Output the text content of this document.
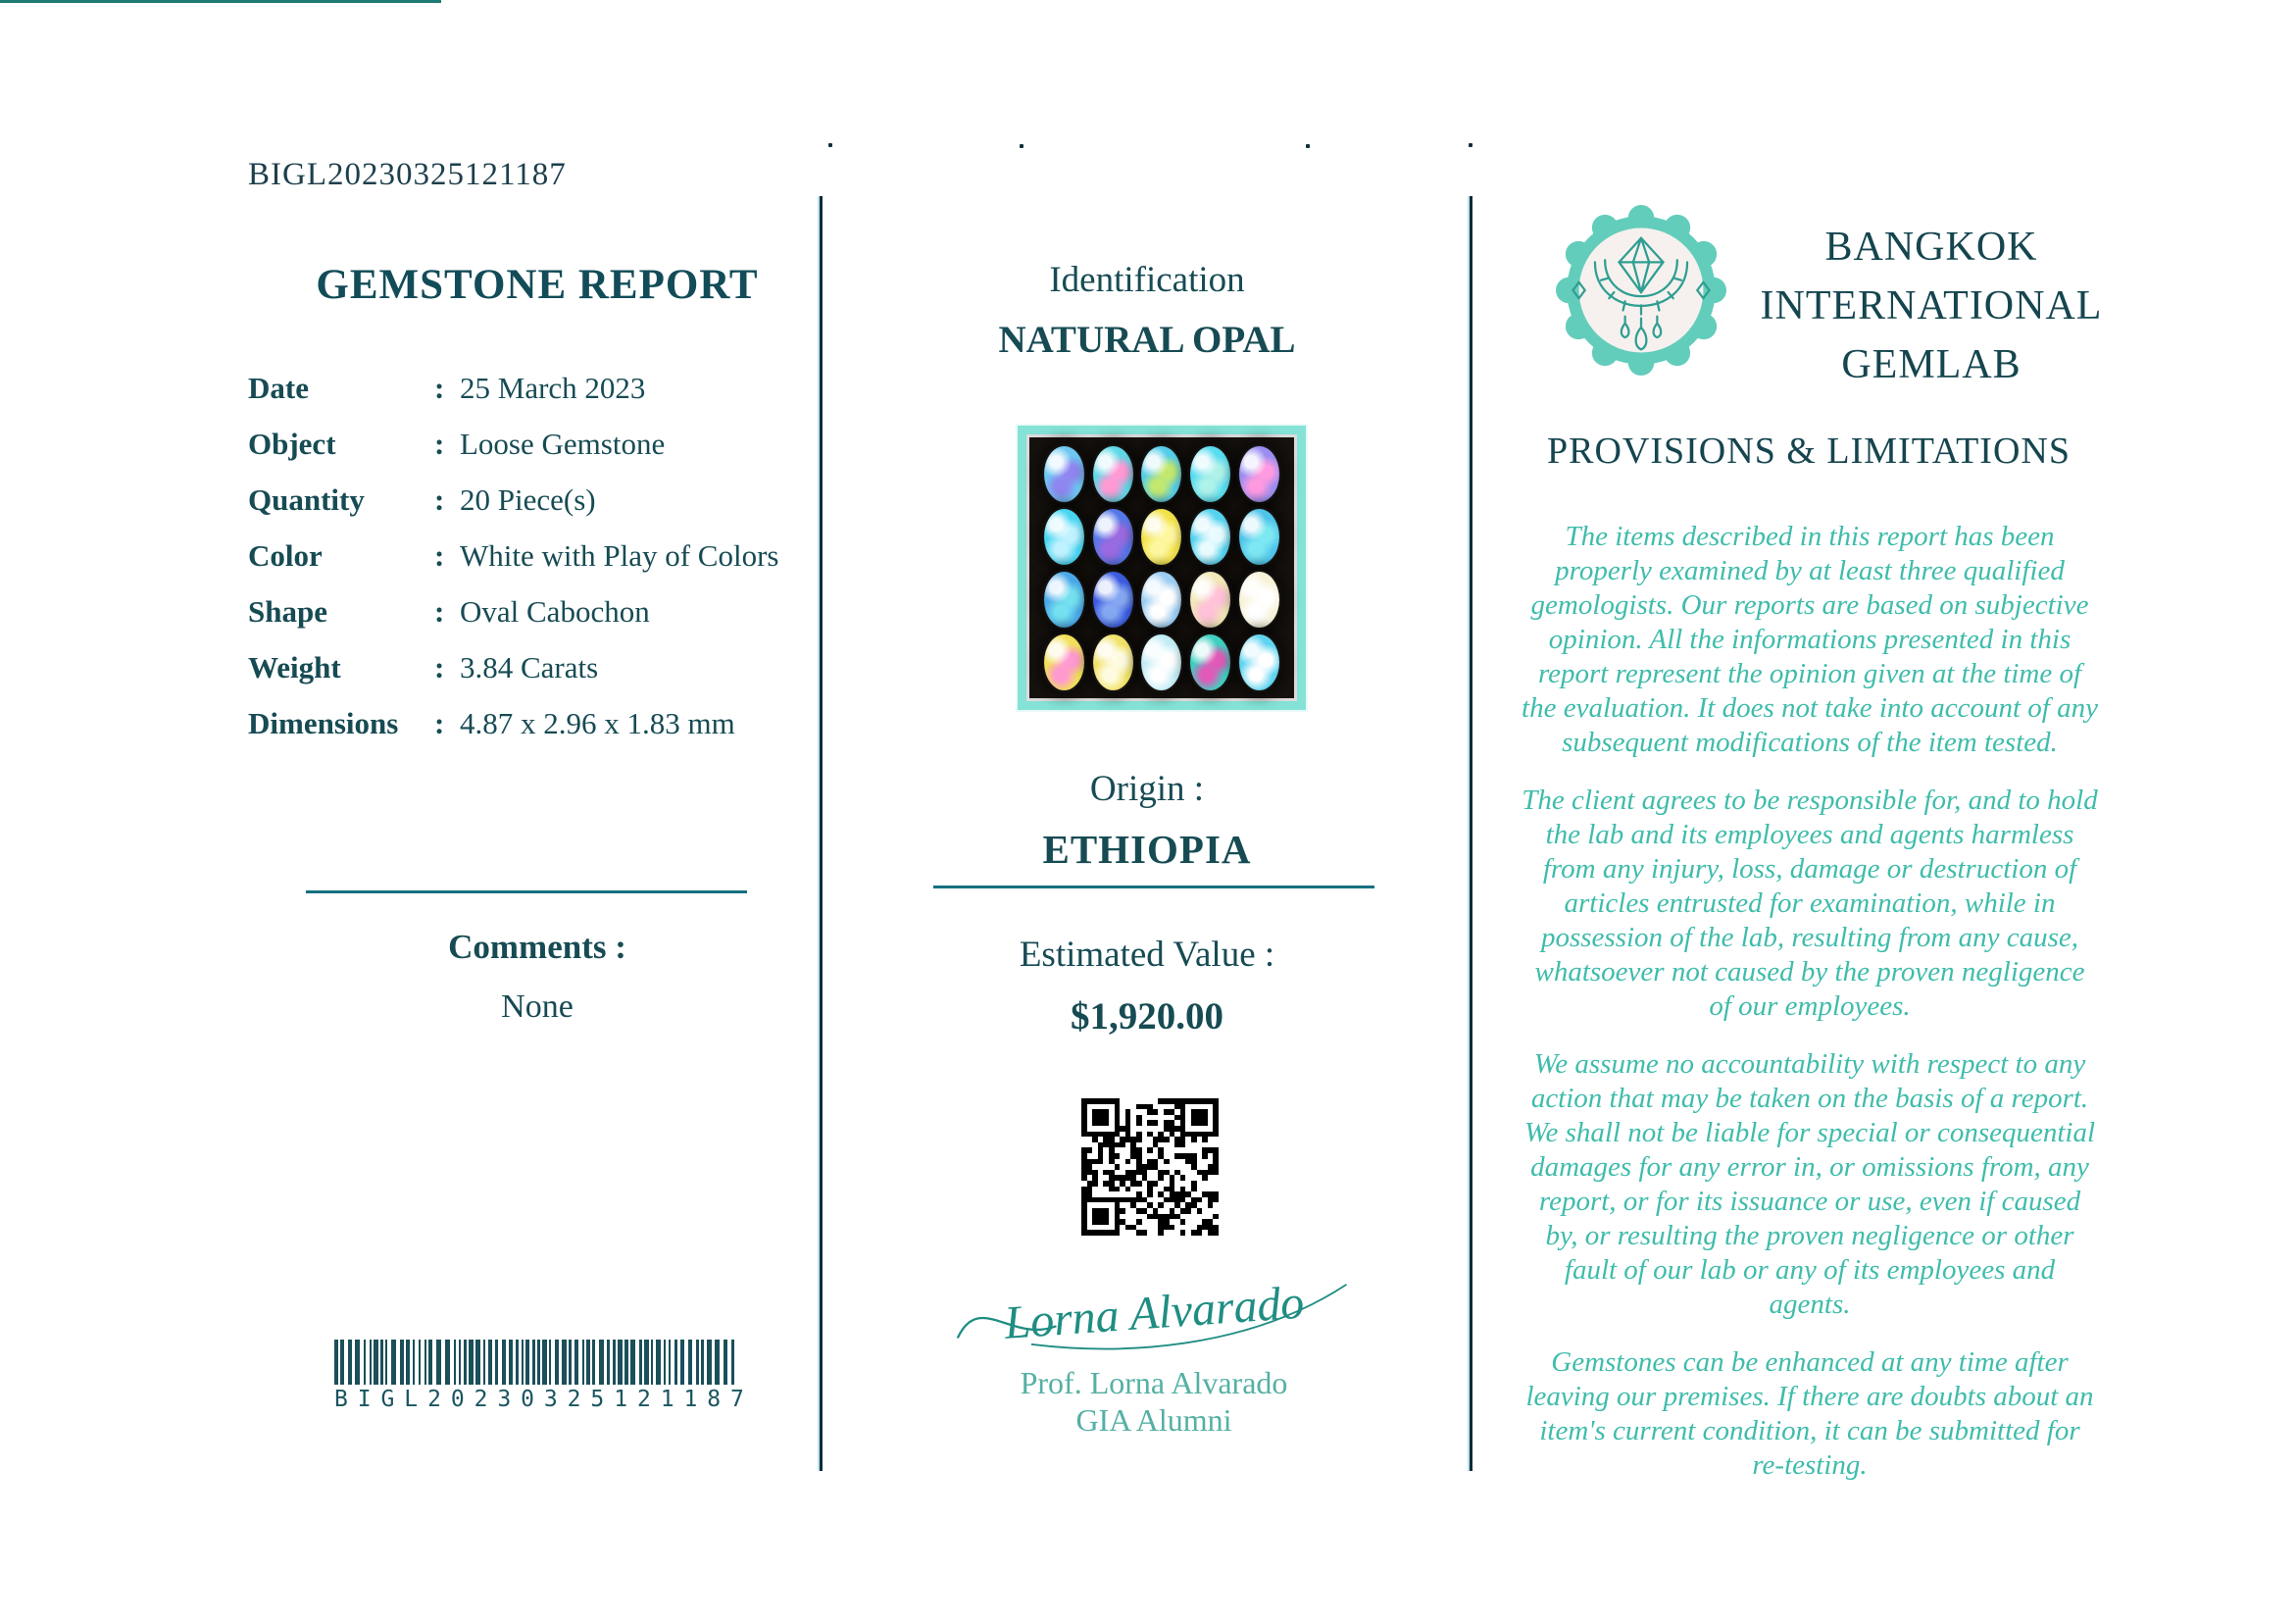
BIGL20230325121187
GEMSTONE REPORT
Date	: 25 March 2023
Object	: Loose Gemstone
Quantity	: 20 Piece(s)
Color	: White with Play of Colors
Shape	: Oval Cabochon
Weight	: 3.84 Carats
Dimensions	: 4.87 x 2.96 x 1.83 mm
Comments :
None
B I G L 2 0 2 3 0 3 2 5 1 2 1 1 8 7
Identification
NATURAL OPAL
Origin :
ETHIOPIA
Estimated Value :
$1,920.00
Lorna Alvarado
Prof. Lorna Alvarado
GIA Alumni
BANGKOK INTERNATIONAL GEMLAB
PROVISIONS & LIMITATIONS

The items described in this report has been properly examined by at least three qualified gemologists. Our reports are based on subjective opinion. All the informations presented in this report represent the opinion given at the time of the evaluation. It does not take into account of any subsequent modifications of the item tested.

The client agrees to be responsible for, and to hold the lab and its employees and agents harmless from any injury, loss, damage or destruction of articles entrusted for examination, while in possession of the lab, resulting from any cause, whatsoever not caused by the proven negligence of our employees.

We assume no accountability with respect to any action that may be taken on the basis of a report. We shall not be liable for special or consequential damages for any error in, or omissions from, any report, or for its issuance or use, even if caused by, or resulting the proven negligence or other fault of our lab or any of its employees and agents.

Gemstones can be enhanced at any time after leaving our premises. If there are doubts about an item's current condition, it can be submitted for re-testing.
